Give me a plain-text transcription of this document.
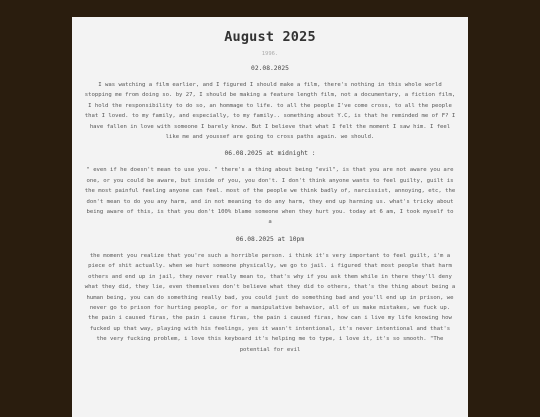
August 2025
1996.
02.08.2025

I was watching a film earlier, and I figured I should make a film, there's nothing in this whole world stopping me from doing so. by 27, I should be making a feature length film, not a documentary, a fiction film, I hold the responsibility to do so, an hommage to life. to all the people I've come cross, to all the people that I loved. to my family, and especially, to my family.. something about Y.C, is that he reminded me of F? I have fallen in love with someone I barely know. But I believe that what I felt the moment I saw him. I feel like me and youssef are going to cross paths again. we should.

06.08.2025 at midnight :

" even if he doesn't mean to use you. " there's a thing about being "evil", is that you are not aware you are one, or you could be aware, but inside of you, you don't. I don't think anyone wants to feel guilty, guilt is the most painful feeling anyone can feel. most of the people we think badly of, narcissist, annoying, etc, the don't mean to do you any harm, and in not meaning to do any harm, they end up harming us. what's tricky about being aware of this, is that you don't 100% blame someone when they hurt you. today at 6 am, I took myself to a

06.08.2025 at 10pm

the moment you realize that you're such a horrible person. i think it's very important to feel guilt, i'm a piece of shit actually. when we hurt someone physically, we go to jail. i figured that most people that harm others and end up in jail, they never really mean to, that's why if you ask them while in there they'll deny what they did, they lie, even themselves don't believe what they did to others, that's the thing about being a human being, you can do something really bad, you could just do something bad and you'll end up in prison, we never go to prison for hurting people, or for a manipulative behavior, all of us make mistakes, we fuck up. the pain i caused firas, the pain i cause firas, the pain i caused firas, how can i live my life knowing how fucked up that way, playing with his feelings, yes it wasn't intentional, it's never intentional and that's the very fucking problem, i love this keyboard it's helping me to type, i love it, it's so smooth. "The potential for evil
